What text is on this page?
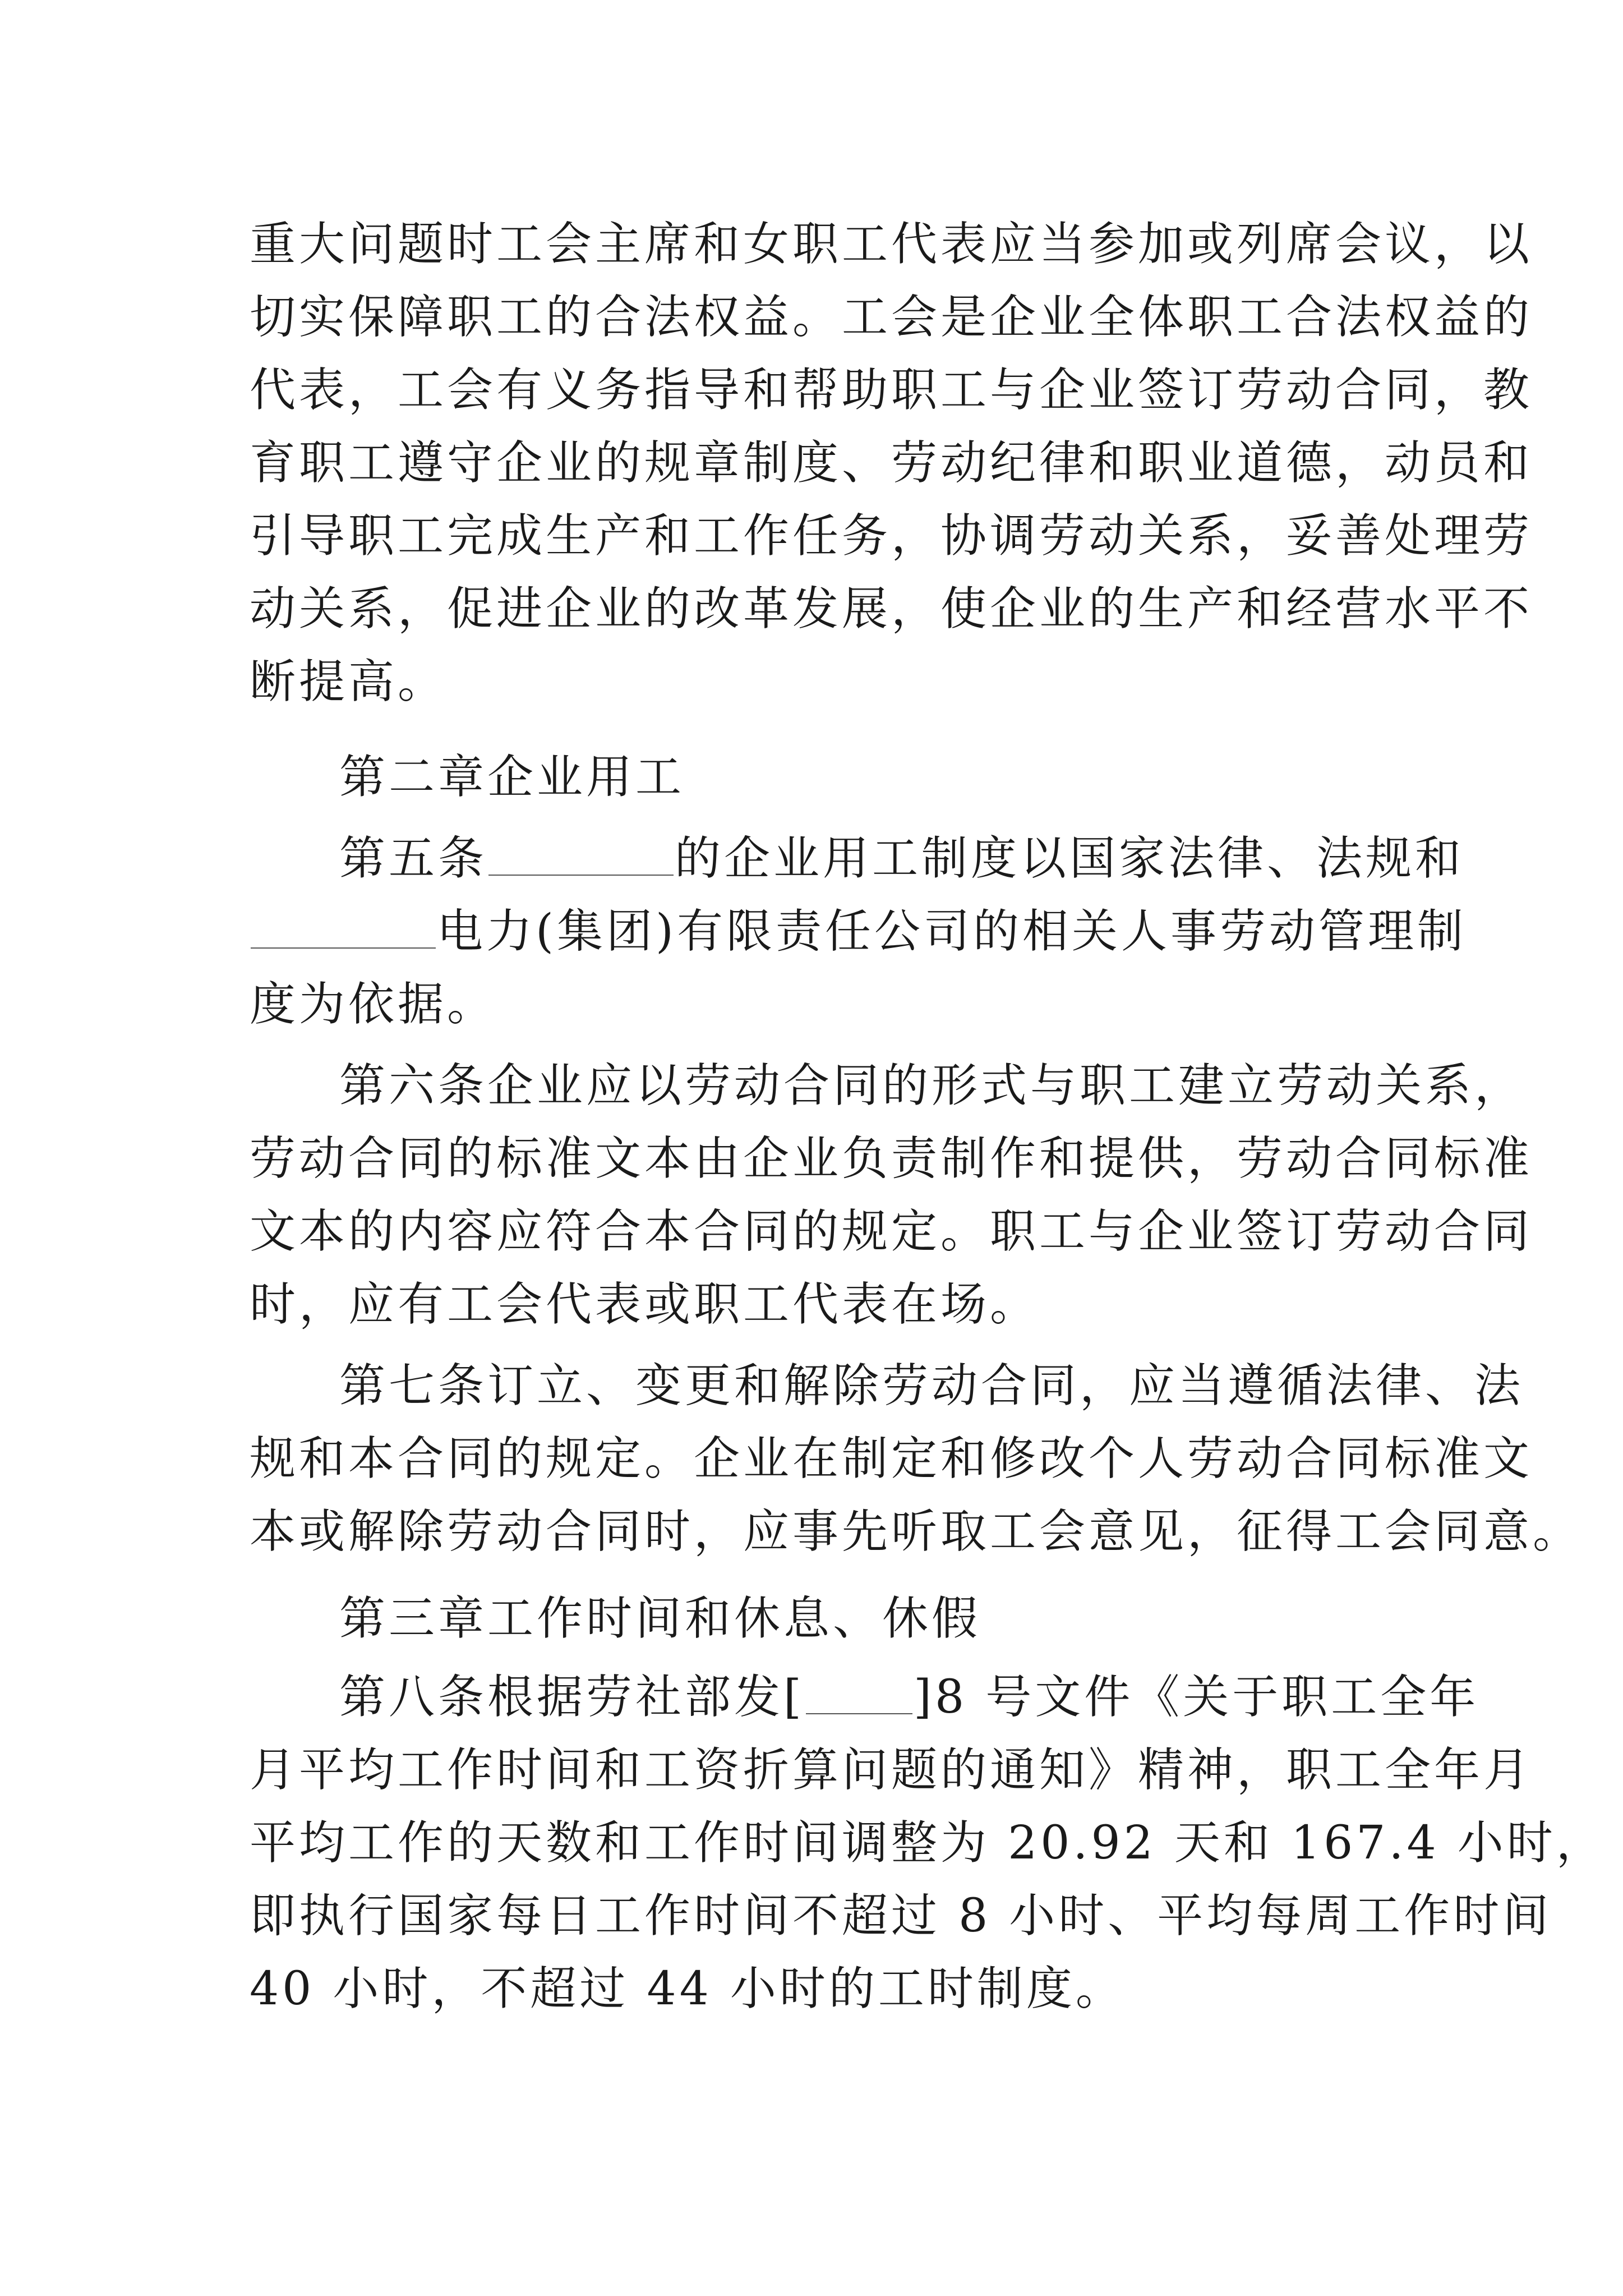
重大问题时工会主席和女职工代表应当参加或列席会议，以
切实保障职工的合法权益。工会是企业全体职工合法权益的
代表，工会有义务指导和帮助职工与企业签订劳动合同，教
育职工遵守企业的规章制度、劳动纪律和职业道德，动员和
引导职工完成生产和工作任务，协调劳动关系，妥善处理劳
动关系，促进企业的改革发展，使企业的生产和经营水平不
断提高。
第二章企业用工
第五条	的企业用工制度以国家法律、法规和
电力(集团)有限责任公司的相关人事劳动管理制
度为依据。
第六条企业应以劳动合同的形式与职工建立劳动关系，
劳动合同的标准文本由企业负责制作和提供，劳动合同标准
文本的内容应符合本合同的规定。职工与企业签订劳动合同
时，应有工会代表或职工代表在场。
第七条订立、变更和解除劳动合同，应当遵循法律、法
规和本合同的规定。企业在制定和修改个人劳动合同标准文
本或解除劳动合同时，应事先听取工会意见，征得工会同意。
第三章工作时间和休息、休假
第八条根据劳社部发[ ]8 号文件《关于职工全年
月平均工作时间和工资折算问题的通知》精神，职工全年月
平均工作的天数和工作时间调整为 20.92 天和 167.4 小时，
即执行国家每日工作时间不超过 8 小时、平均每周工作时间
40 小时，不超过 44 小时的工时制度。
